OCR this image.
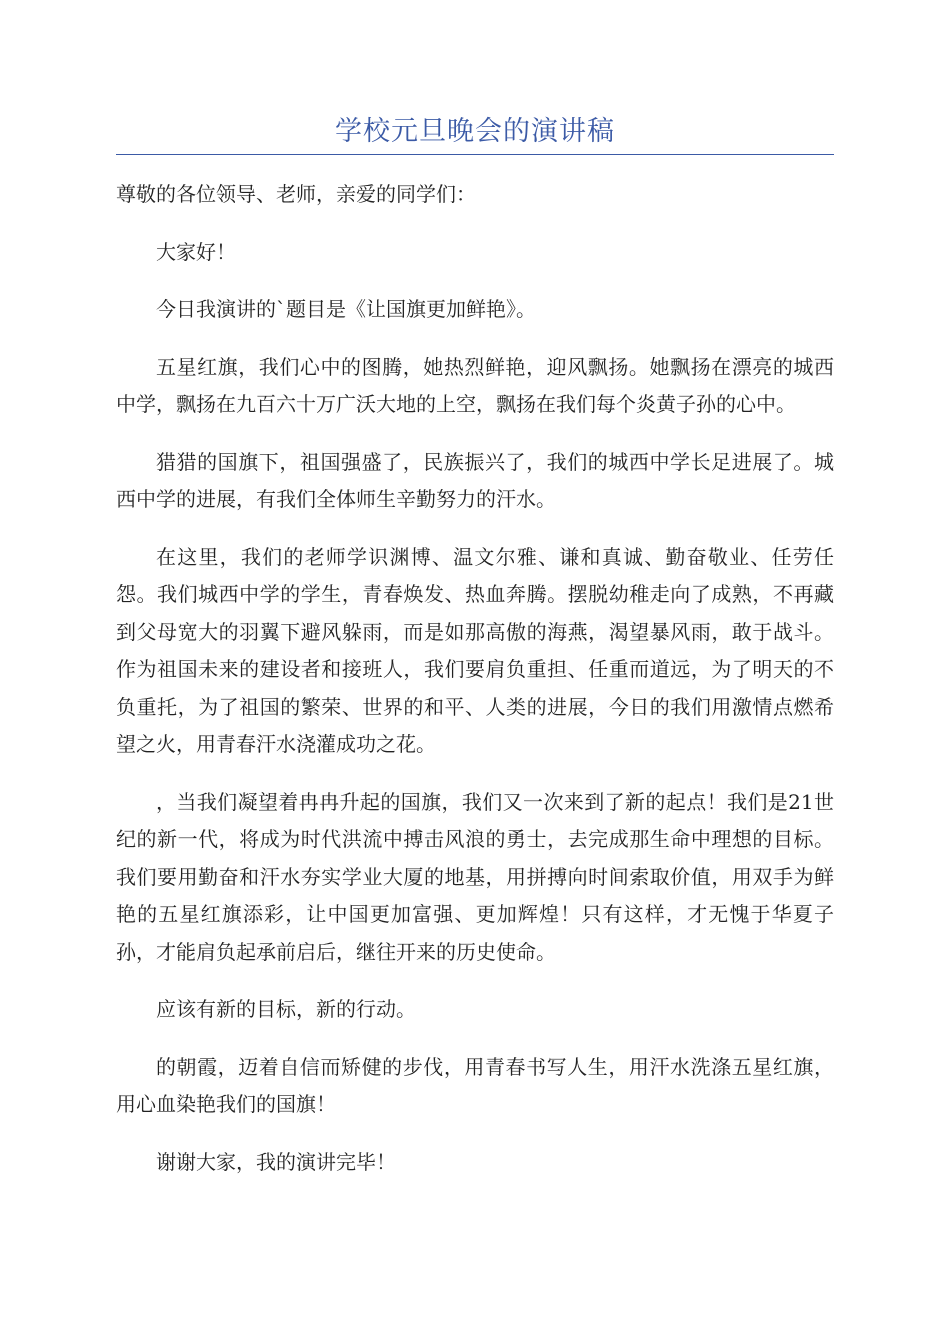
学校元旦晚会的演讲稿

尊敬的各位领导、老师，亲爱的同学们：

大家好！

今日我演讲的`题目是《让国旗更加鲜艳》。

五星红旗，我们心中的图腾，她热烈鲜艳，迎风飘扬。她飘扬在漂亮的城西中学，飘扬在九百六十万广沃大地的上空，飘扬在我们每个炎黄子孙的心中。

猎猎的国旗下，祖国强盛了，民族振兴了，我们的城西中学长足进展了。城西中学的进展，有我们全体师生辛勤努力的汗水。

在这里，我们的老师学识渊博、温文尔雅、谦和真诚、勤奋敬业、任劳任怨。我们城西中学的学生，青春焕发、热血奔腾。摆脱幼稚走向了成熟，不再藏到父母宽大的羽翼下避风躲雨，而是如那高傲的海燕，渴望暴风雨，敢于战斗。作为祖国未来的建设者和接班人，我们要肩负重担、任重而道远，为了明天的不负重托，为了祖国的繁荣、世界的和平、人类的进展，今日的我们用激情点燃希望之火，用青春汗水浇灌成功之花。

，当我们凝望着冉冉升起的国旗，我们又一次来到了新的起点！我们是21世纪的新一代，将成为时代洪流中搏击风浪的勇士，去完成那生命中理想的目标。我们要用勤奋和汗水夯实学业大厦的地基，用拼搏向时间索取价值，用双手为鲜艳的五星红旗添彩，让中国更加富强、更加辉煌！只有这样，才无愧于华夏子孙，才能肩负起承前启后，继往开来的历史使命。

应该有新的目标，新的行动。

的朝霞，迈着自信而矫健的步伐，用青春书写人生，用汗水洗涤五星红旗，用心血染艳我们的国旗！

谢谢大家，我的演讲完毕！
